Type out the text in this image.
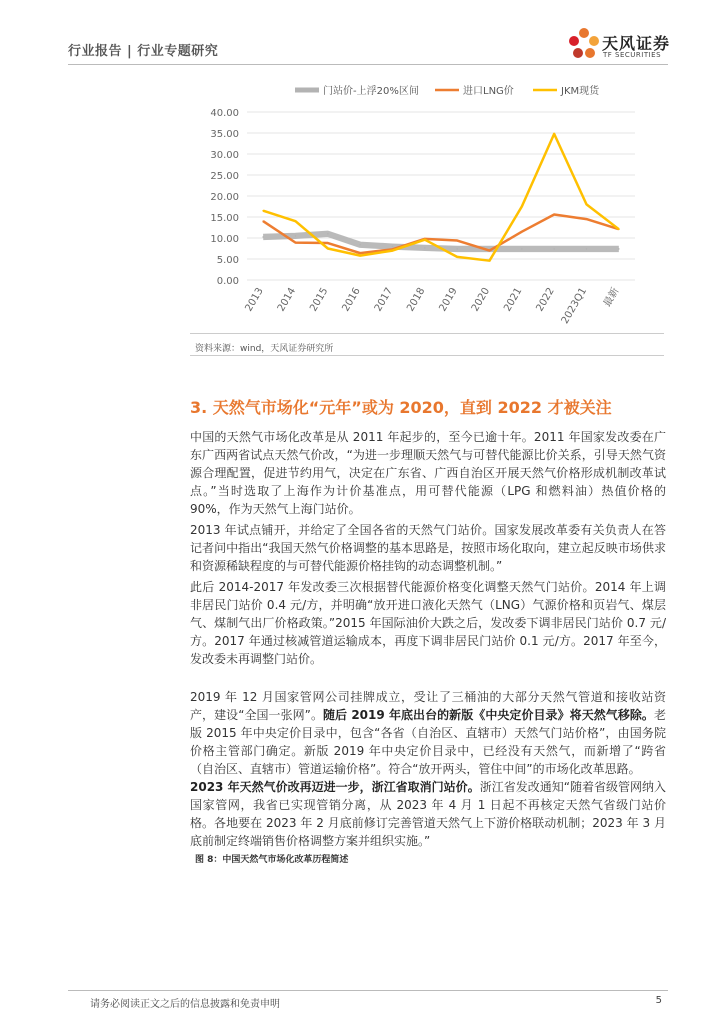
行业报告 | 行业专题研究	天风证券
TF SECURITIES
0.00
5.00
10.00
15.00
20.00
25.00
30.00
35.00
40.00
2013 2014 2015 2016 2017 2018 2019 2020 2021 2022 2023Q1 最新
门站价-上浮20%区间	进口LNG价	JKM现货
资料来源：wind，天风证券研究所
3. 天然气市场化“元年”或为 2020，直到 2022 才被关注

中国的天然气市场化改革是从 2011 年起步的，至今已逾十年。2011 年国家发改委在广东广西两省试点天然气价改，“为进一步理顺天然气与可替代能源比价关系，引导天然气资源合理配置，促进节约用气，决定在广东省、广西自治区开展天然气价格形成机制改革试点。”当时选取了上海作为计价基准点，用可替代能源（LPG 和燃料油）热值价格的 90%，作为天然气上海门站价。

2013 年试点铺开，并给定了全国各省的天然气门站价。国家发展改革委有关负责人在答记者问中指出“我国天然气价格调整的基本思路是，按照市场化取向，建立起反映市场供求和资源稀缺程度的与可替代能源价格挂钩的动态调整机制。”

此后 2014-2017 年发改委三次根据替代能源价格变化调整天然气门站价。2014 年上调非居民门站价 0.4 元/方，并明确“放开进口液化天然气（LNG）气源价格和页岩气、煤层气、煤制气出厂价格政策。”2015 年国际油价大跌之后，发改委下调非居民门站价 0.7 元/方。2017 年通过核减管道运输成本，再度下调非居民门站价 0.1 元/方。2017 年至今，发改委未再调整门站价。

2019 年 12 月国家管网公司挂牌成立，受让了三桶油的大部分天然气管道和接收站资产，建设“全国一张网”。随后 2019 年底出台的新版《中央定价目录》将天然气移除。老版 2015 年中央定价目录中，包含“各省（自治区、直辖市）天然气门站价格”，由国务院价格主管部门确定。新版 2019 年中央定价目录中，已经没有天然气，而新增了“跨省（自治区、直辖市）管道运输价格”。符合“放开两头，管住中间”的市场化改革思路。

2023 年天然气价改再迈进一步，浙江省取消门站价。浙江省发改通知“随着省级管网纳入国家管网，我省已实现管销分离，从 2023 年 4 月 1 日起不再核定天然气省级门站价格。各地要在 2023 年 2 月底前修订完善管道天然气上下游价格联动机制；2023 年 3 月底前制定终端销售价格调整方案并组织实施。”

图 8：中国天然气市场化改革历程简述
请务必阅读正文之后的信息披露和免责申明	5
